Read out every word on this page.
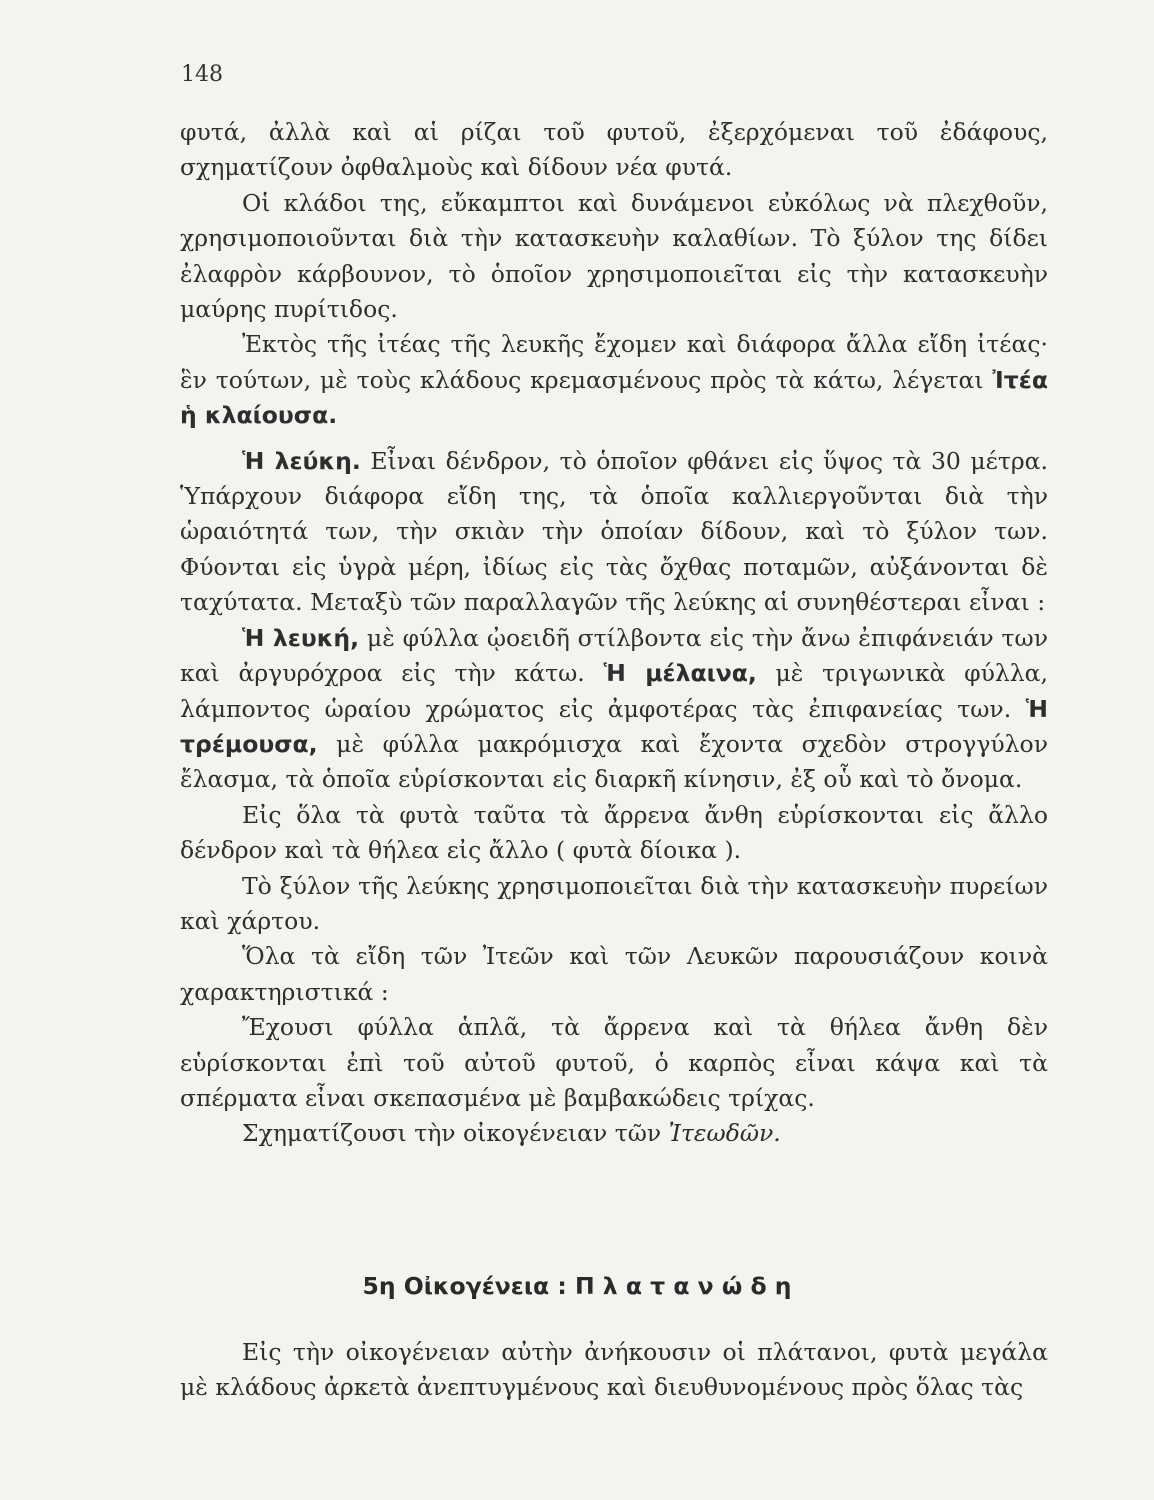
148

φυτά, ἀλλὰ καὶ αἱ ρίζαι τοῦ φυτοῦ, ἐξερχόμεναι τοῦ ἐδάφους, σχηματίζουν ὀφθαλμοὺς καὶ δίδουν νέα φυτά.

Οἱ κλάδοι της, εὔκαμπτοι καὶ δυνάμενοι εὐκόλως νὰ πλεχθοῦν, χρησιμοποιοῦνται διὰ τὴν κατασκευὴν καλαθίων. Τὸ ξύλον της δίδει ἐλαφρὸν κάρβουνον, τὸ ὁποῖον χρησιμοποιεῖται εἰς τὴν κατασκευὴν μαύρης πυρίτιδος.

Ἐκτὸς τῆς ἰτέας τῆς λευκῆς ἔχομεν καὶ διάφορα ἄλλα εἴδη ἰτέας· ἓν τούτων, μὲ τοὺς κλάδους κρεμασμένους πρὸς τὰ κάτω, λέγεται Ἰτέα ἡ κλαίουσα.

Ἡ λεύκη. Εἶναι δένδρον, τὸ ὁποῖον φθάνει εἰς ὕψος τὰ 30 μέτρα. Ὑπάρχουν διάφορα εἴδη της, τὰ ὁποῖα καλλιεργοῦνται διὰ τὴν ὡραιότητά των, τὴν σκιὰν τὴν ὁποίαν δίδουν, καὶ τὸ ξύλον των. Φύονται εἰς ὑγρὰ μέρη, ἰδίως εἰς τὰς ὄχθας ποταμῶν, αὐξάνονται δὲ ταχύτατα. Μεταξὺ τῶν παραλλαγῶν τῆς λεύκης αἱ συνηθέστεραι εἶναι :

Ἡ λευκή, μὲ φύλλα ᾠοειδῆ στίλβοντα εἰς τὴν ἄνω ἐπιφάνειάν των καὶ ἀργυρόχροα εἰς τὴν κάτω. Ἡ μέλαινα, μὲ τριγωνικὰ φύλλα, λάμποντος ὡραίου χρώματος εἰς ἀμφοτέρας τὰς ἐπιφανείας των. Ἡ τρέμουσα, μὲ φύλλα μακρόμισχα καὶ ἔχοντα σχεδὸν στρογγύλον ἔλασμα, τὰ ὁποῖα εὑρίσκονται εἰς διαρκῆ κίνησιν, ἐξ οὗ καὶ τὸ ὄνομα.

Εἰς ὅλα τὰ φυτὰ ταῦτα τὰ ἄρρενα ἄνθη εὑρίσκονται εἰς ἄλλο δένδρον καὶ τὰ θήλεα εἰς ἄλλο ( φυτὰ δίοικα ).

Τὸ ξύλον τῆς λεύκης χρησιμοποιεῖται διὰ τὴν κατασκευὴν πυρείων καὶ χάρτου.

Ὅλα τὰ εἴδη τῶν Ἰτεῶν καὶ τῶν Λευκῶν παρουσιάζουν κοινὰ χαρακτηριστικά :

Ἔχουσι φύλλα ἁπλᾶ, τὰ ἄρρενα καὶ τὰ θήλεα ἄνθη δὲν εὑρίσκονται ἐπὶ τοῦ αὐτοῦ φυτοῦ, ὁ καρπὸς εἶναι κάψα καὶ τὰ σπέρματα εἶναι σκεπασμένα μὲ βαμβακώδεις τρίχας.

Σχηματίζουσι τὴν οἰκογένειαν τῶν Ἰτεωδῶν.

5η Οἰκογένεια : Π λ α τ α ν ώ δ η

Εἰς τὴν οἰκογένειαν αὐτὴν ἀνήκουσιν οἱ πλάτανοι, φυτὰ μεγάλα μὲ κλάδους ἀρκετὰ ἀνεπτυγμένους καὶ διευθυνομένους πρὸς ὅλας τὰς
